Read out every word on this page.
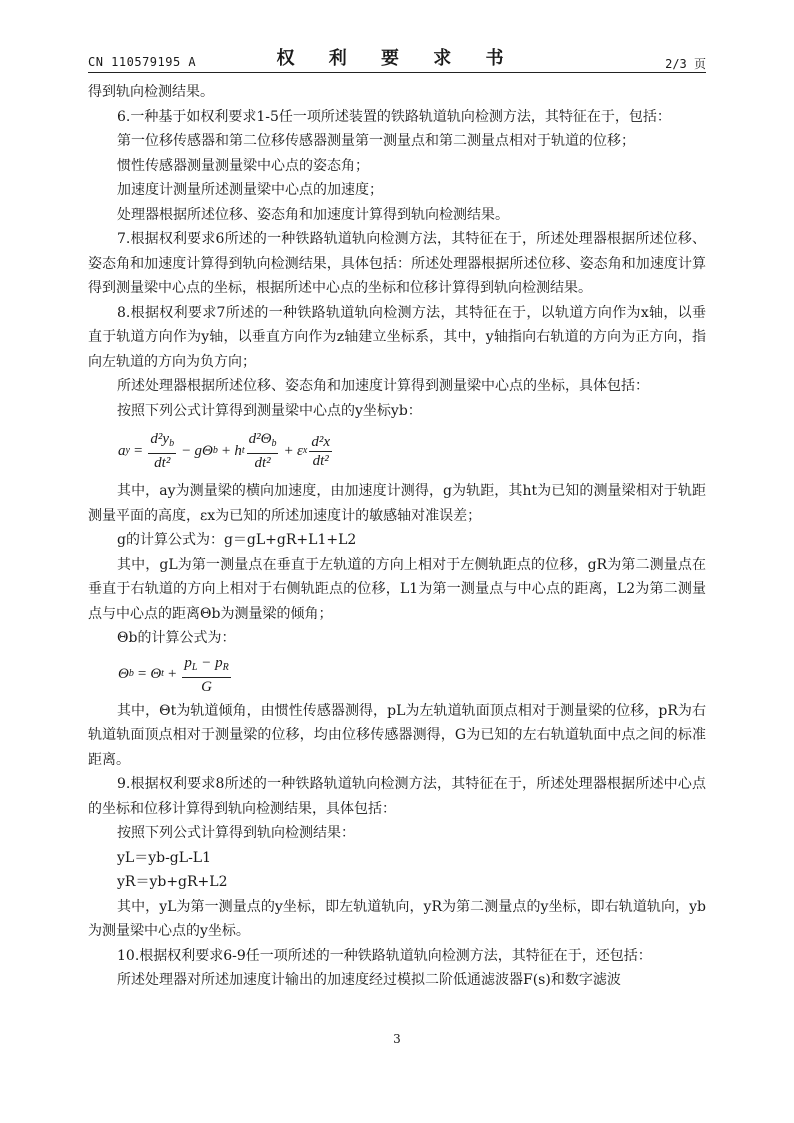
CN 110579195 A	权 利 要 求 书	2/3 页

得到轨向检测结果。

6.一种基于如权利要求1-5任一项所述装置的铁路轨道轨向检测方法，其特征在于，包括：

第一位移传感器和第二位移传感器测量第一测量点和第二测量点相对于轨道的位移；

惯性传感器测量测量梁中心点的姿态角；

加速度计测量所述测量梁中心点的加速度；

处理器根据所述位移、姿态角和加速度计算得到轨向检测结果。

7.根据权利要求6所述的一种铁路轨道轨向检测方法，其特征在于，所述处理器根据所述位移、姿态角和加速度计算得到轨向检测结果，具体包括：所述处理器根据所述位移、姿态角和加速度计算得到测量梁中心点的坐标，根据所述中心点的坐标和位移计算得到轨向检测结果。

8.根据权利要求7所述的一种铁路轨道轨向检测方法，其特征在于，以轨道方向作为x轴，以垂直于轨道方向作为y轴，以垂直方向作为z轴建立坐标系，其中，y轴指向右轨道的方向为正方向，指向左轨道的方向为负方向；

所述处理器根据所述位移、姿态角和加速度计算得到测量梁中心点的坐标，具体包括：

按照下列公式计算得到测量梁中心点的y坐标yb：

a $y = \frac{d^2y_b}{\text{dt²}} - g\Theta$ b + h t $\frac{d^2\Theta_b}{\text{dt²}} + \varepsilon$ x $\frac{\text{d²x}}{\text{dt²}}$

其中，ay为测量梁的横向加速度，由加速度计测得，g为轨距，其ht为已知的测量梁相对于轨距测量平面的高度，εx为已知的所述加速度计的敏感轴对准误差；

g的计算公式为：g＝gL+gR+L1+L2

其中，gL为第一测量点在垂直于左轨道的方向上相对于左侧轨距点的位移，gR为第二测量点在垂直于右轨道的方向上相对于右侧轨距点的位移，L1为第一测量点与中心点的距离，L2为第二测量点与中心点的距离Θb为测量梁的倾角；

Θb的计算公式为：

Θ b = Θ $t + \frac{p_L - p_R}{G}$

其中，Θt为轨道倾角，由惯性传感器测得，pL为左轨道轨面顶点相对于测量梁的位移，pR为右轨道轨面顶点相对于测量梁的位移，均由位移传感器测得，G为已知的左右轨道轨面中点之间的标准距离。

9.根据权利要求8所述的一种铁路轨道轨向检测方法，其特征在于，所述处理器根据所述中心点的坐标和位移计算得到轨向检测结果，具体包括：

按照下列公式计算得到轨向检测结果：

yL＝yb-gL-L1

yR＝yb+gR+L2

其中，yL为第一测量点的y坐标，即左轨道轨向，yR为第二测量点的y坐标，即右轨道轨向，yb为测量梁中心点的y坐标。

10.根据权利要求6-9任一项所述的一种铁路轨道轨向检测方法，其特征在于，还包括：

所述处理器对所述加速度计输出的加速度经过模拟二阶低通滤波器F(s)和数字滤波

3
